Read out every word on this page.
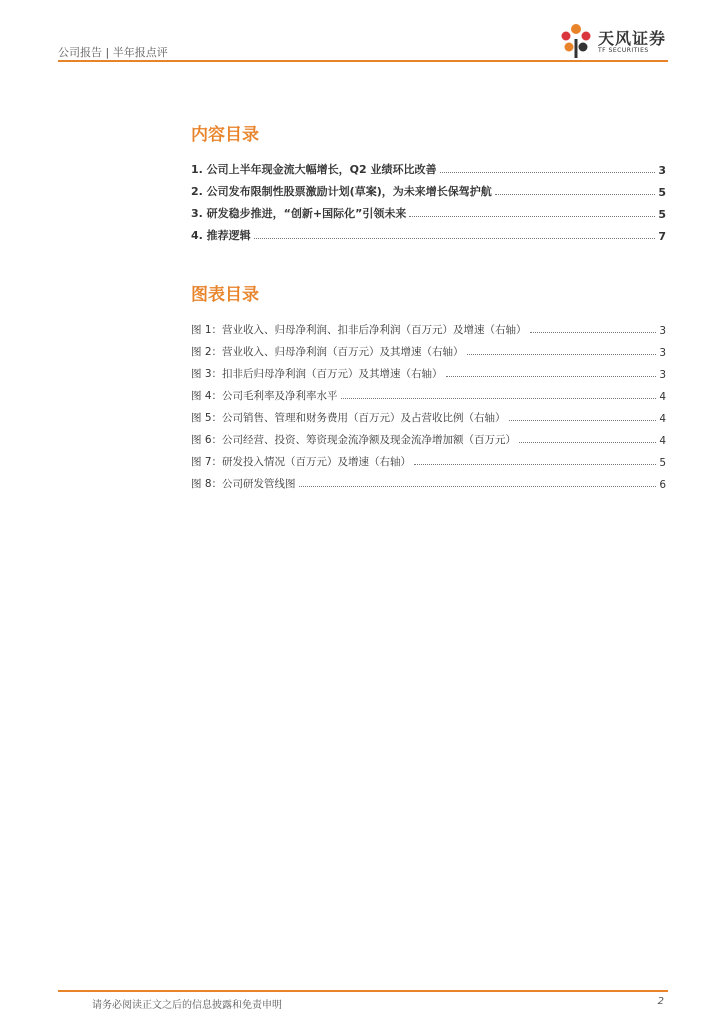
公司报告 | 半年报点评
天风证券
TF SECURITIES
内容目录
1. 公司上半年现金流大幅增长，Q2 业绩环比改善	3
2. 公司发布限制性股票激励计划(草案)，为未来增长保驾护航	5
3. 研发稳步推进，“创新+国际化”引领未来	5
4. 推荐逻辑	7
图表目录
图 1：营业收入、归母净利润、扣非后净利润（百万元）及增速（右轴）	3
图 2：营业收入、归母净利润（百万元）及其增速（右轴）	3
图 3：扣非后归母净利润（百万元）及其增速（右轴）	3
图 4：公司毛利率及净利率水平	4
图 5：公司销售、管理和财务费用（百万元）及占营收比例（右轴）	4
图 6：公司经营、投资、筹资现金流净额及现金流净增加额（百万元）	4
图 7：研发投入情况（百万元）及增速（右轴）	5
图 8：公司研发管线图	6
请务必阅读正文之后的信息披露和免责申明	2
